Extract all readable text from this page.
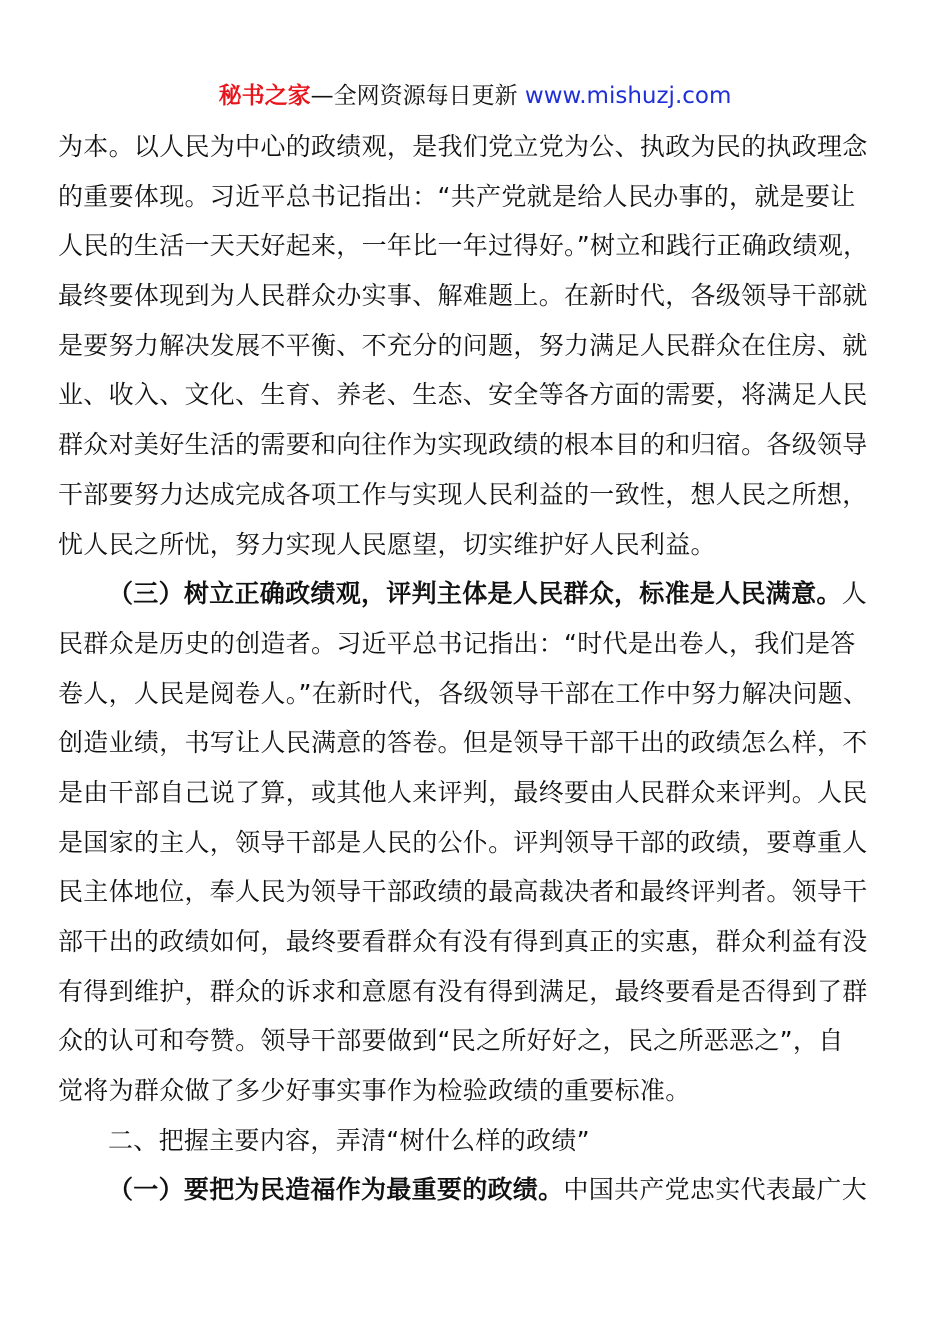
秘书之家—全网资源每日更新 www.mishuzj.com
为本。以人民为中心的政绩观，是我们党立党为公、执政为民的执政理念
的重要体现。习近平总书记指出：“共产党就是给人民办事的，就是要让
人民的生活一天天好起来，一年比一年过得好。”树立和践行正确政绩观，
最终要体现到为人民群众办实事、解难题上。在新时代，各级领导干部就
是要努力解决发展不平衡、不充分的问题，努力满足人民群众在住房、就
业、收入、文化、生育、养老、生态、安全等各方面的需要，将满足人民
群众对美好生活的需要和向往作为实现政绩的根本目的和归宿。各级领导
干部要努力达成完成各项工作与实现人民利益的一致性，想人民之所想，
忧人民之所忧，努力实现人民愿望，切实维护好人民利益。
（三）树立正确政绩观，评判主体是人民群众，标准是人民满意。人
民群众是历史的创造者。习近平总书记指出：“时代是出卷人，我们是答
卷人，人民是阅卷人。”在新时代，各级领导干部在工作中努力解决问题、
创造业绩，书写让人民满意的答卷。但是领导干部干出的政绩怎么样，不
是由干部自己说了算，或其他人来评判，最终要由人民群众来评判。人民
是国家的主人，领导干部是人民的公仆。评判领导干部的政绩，要尊重人
民主体地位，奉人民为领导干部政绩的最高裁决者和最终评判者。领导干
部干出的政绩如何，最终要看群众有没有得到真正的实惠，群众利益有没
有得到维护，群众的诉求和意愿有没有得到满足，最终要看是否得到了群
众的认可和夸赞。领导干部要做到“民之所好好之，民之所恶恶之”，自
觉将为群众做了多少好事实事作为检验政绩的重要标准。
二、把握主要内容，弄清“树什么样的政绩”
（一）要把为民造福作为最重要的政绩。中国共产党忠实代表最广大
